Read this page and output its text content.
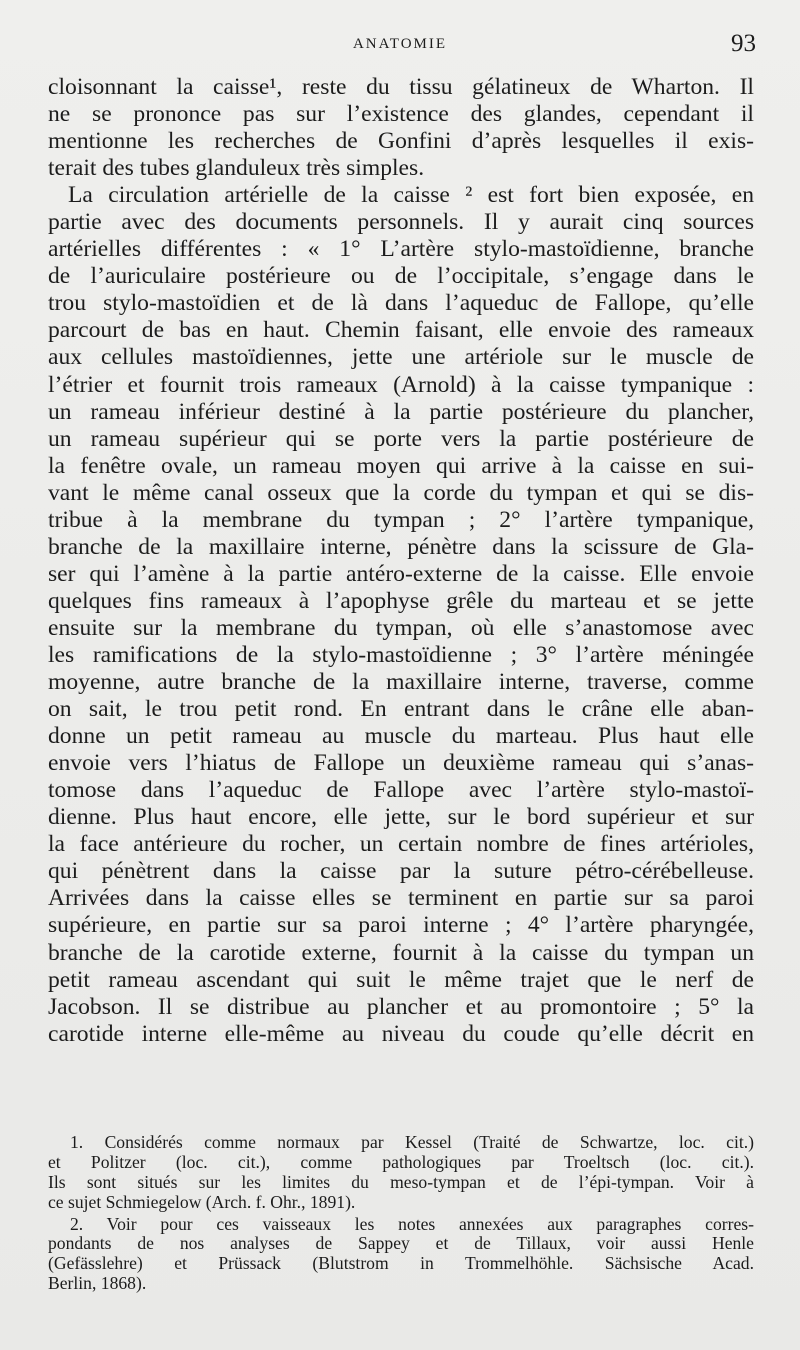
ANATOMIE	93
cloisonnant la caisse¹, reste du tissu gélatineux de Wharton. Il
ne se prononce pas sur l’existence des glandes, cependant il
mentionne les recherches de Gonfini d’après lesquelles il exis-
terait des tubes glanduleux très simples.
La circulation artérielle de la caisse ² est fort bien exposée, en
partie avec des documents personnels. Il y aurait cinq sources
artérielles différentes : « 1° L’artère stylo-mastoïdienne, branche
de l’auriculaire postérieure ou de l’occipitale, s’engage dans le
trou stylo-mastoïdien et de là dans l’aqueduc de Fallope, qu’elle
parcourt de bas en haut. Chemin faisant, elle envoie des rameaux
aux cellules mastoïdiennes, jette une artériole sur le muscle de
l’étrier et fournit trois rameaux (Arnold) à la caisse tympanique :
un rameau inférieur destiné à la partie postérieure du plancher,
un rameau supérieur qui se porte vers la partie postérieure de
la fenêtre ovale, un rameau moyen qui arrive à la caisse en sui-
vant le même canal osseux que la corde du tympan et qui se dis-
tribue à la membrane du tympan ; 2° l’artère tympanique,
branche de la maxillaire interne, pénètre dans la scissure de Gla-
ser qui l’amène à la partie antéro-externe de la caisse. Elle envoie
quelques fins rameaux à l’apophyse grêle du marteau et se jette
ensuite sur la membrane du tympan, où elle s’anastomose avec
les ramifications de la stylo-mastoïdienne ; 3° l’artère méningée
moyenne, autre branche de la maxillaire interne, traverse, comme
on sait, le trou petit rond. En entrant dans le crâne elle aban-
donne un petit rameau au muscle du marteau. Plus haut elle
envoie vers l’hiatus de Fallope un deuxième rameau qui s’anas-
tomose dans l’aqueduc de Fallope avec l’artère stylo-mastoï-
dienne. Plus haut encore, elle jette, sur le bord supérieur et sur
la face antérieure du rocher, un certain nombre de fines artérioles,
qui pénètrent dans la caisse par la suture pétro-cérébelleuse.
Arrivées dans la caisse elles se terminent en partie sur sa paroi
supérieure, en partie sur sa paroi interne ; 4° l’artère pharyngée,
branche de la carotide externe, fournit à la caisse du tympan un
petit rameau ascendant qui suit le même trajet que le nerf de
Jacobson. Il se distribue au plancher et au promontoire ; 5° la
carotide interne elle-même au niveau du coude qu’elle décrit en
1. Considérés comme normaux par Kessel (Traité de Schwartze, loc. cit.)
et Politzer (loc. cit.), comme pathologiques par Troeltsch (loc. cit.).
Ils sont situés sur les limites du meso-tympan et de l’épi-tympan. Voir à
ce sujet Schmiegelow (Arch. f. Ohr., 1891).
2. Voir pour ces vaisseaux les notes annexées aux paragraphes corres-
pondants de nos analyses de Sappey et de Tillaux, voir aussi Henle
(Gefässlehre) et Prüssack (Blutstrom in Trommelhöhle. Sächsische Acad.
Berlin, 1868).
